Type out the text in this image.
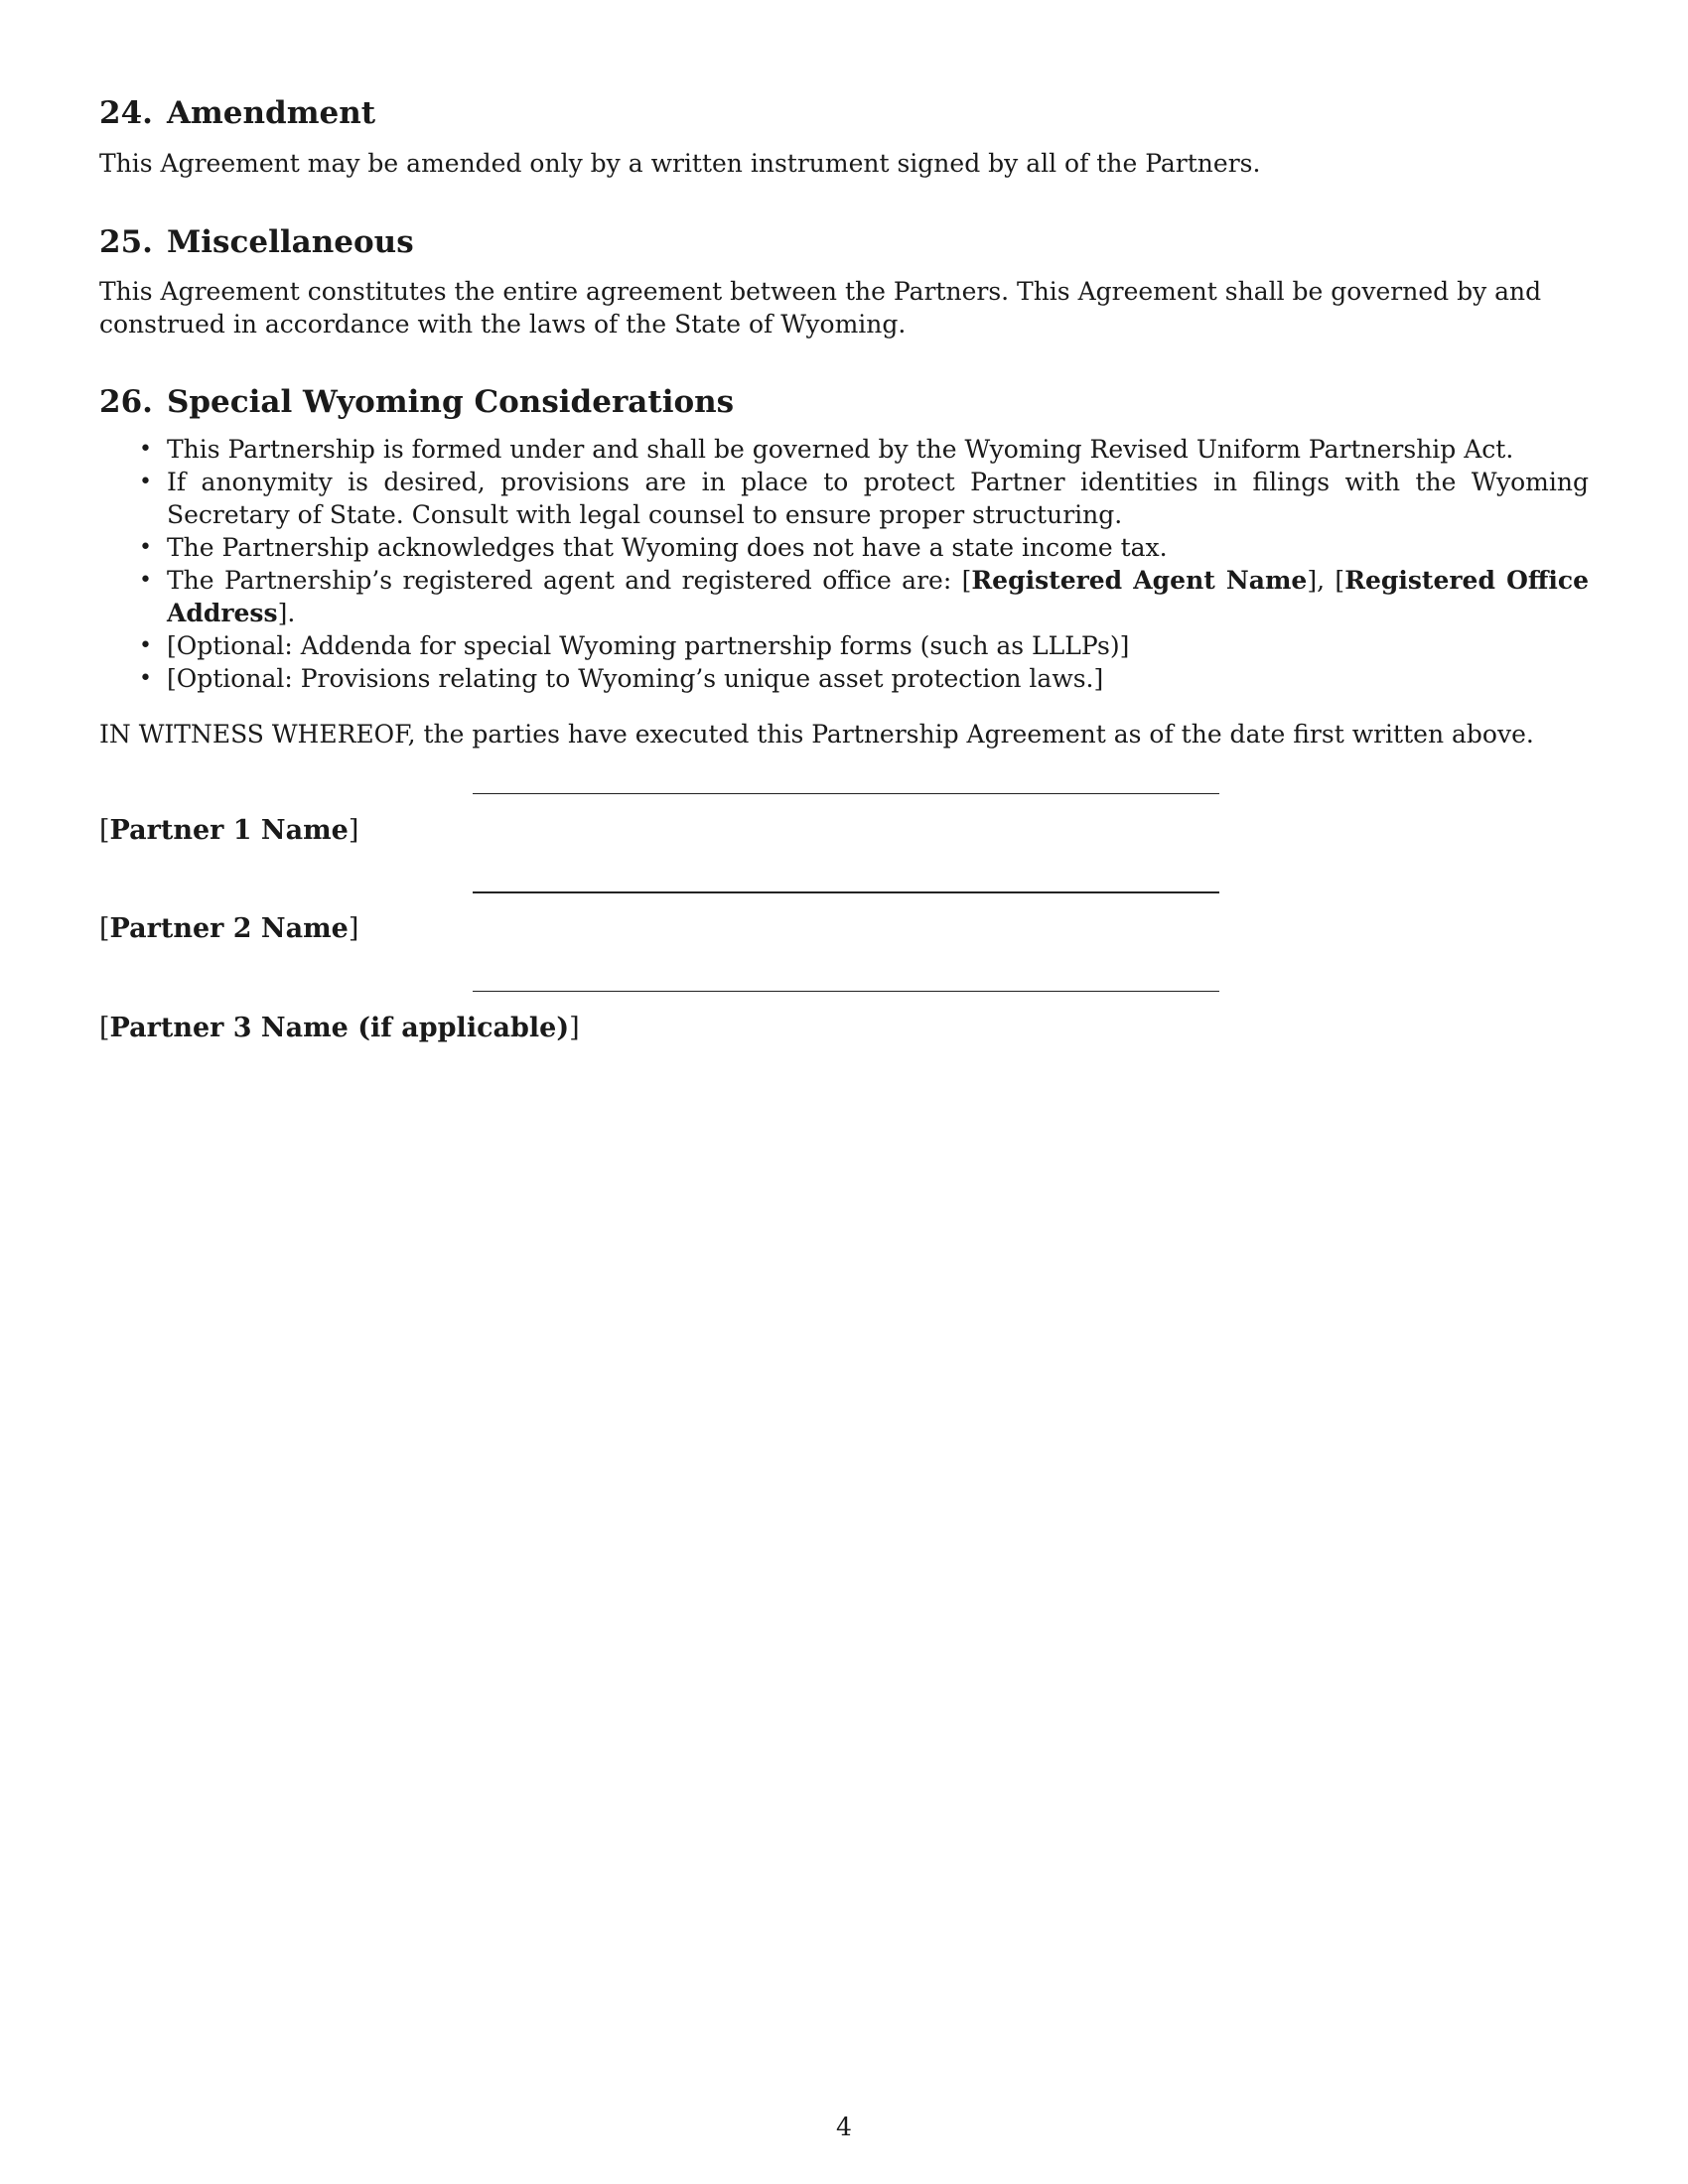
24. Amendment

This Agreement may be amended only by a written instrument signed by all of the Partners.

25. Miscellaneous

This Agreement constitutes the entire agreement between the Partners. This Agreement shall be governed by and construed in accordance with the laws of the State of Wyoming.

26. Special Wyoming Considerations
• This Partnership is formed under and shall be governed by the Wyoming Revised Uniform Partnership Act.
• If anonymity is desired, provisions are in place to protect Partner identities in filings with the Wyoming Secretary of State. Consult with legal counsel to ensure proper structuring.
• The Partnership acknowledges that Wyoming does not have a state income tax.
• The Partnership’s registered agent and registered office are: [Registered Agent Name], [Registered Office Address].
• [Optional: Addenda for special Wyoming partnership forms (such as LLLPs)]
• [Optional: Provisions relating to Wyoming’s unique asset protection laws.]

IN WITNESS WHEREOF, the parties have executed this Partnership Agreement as of the date first written above.

[Partner 1 Name]
[Partner 2 Name]
[Partner 3 Name (if applicable)]
4
